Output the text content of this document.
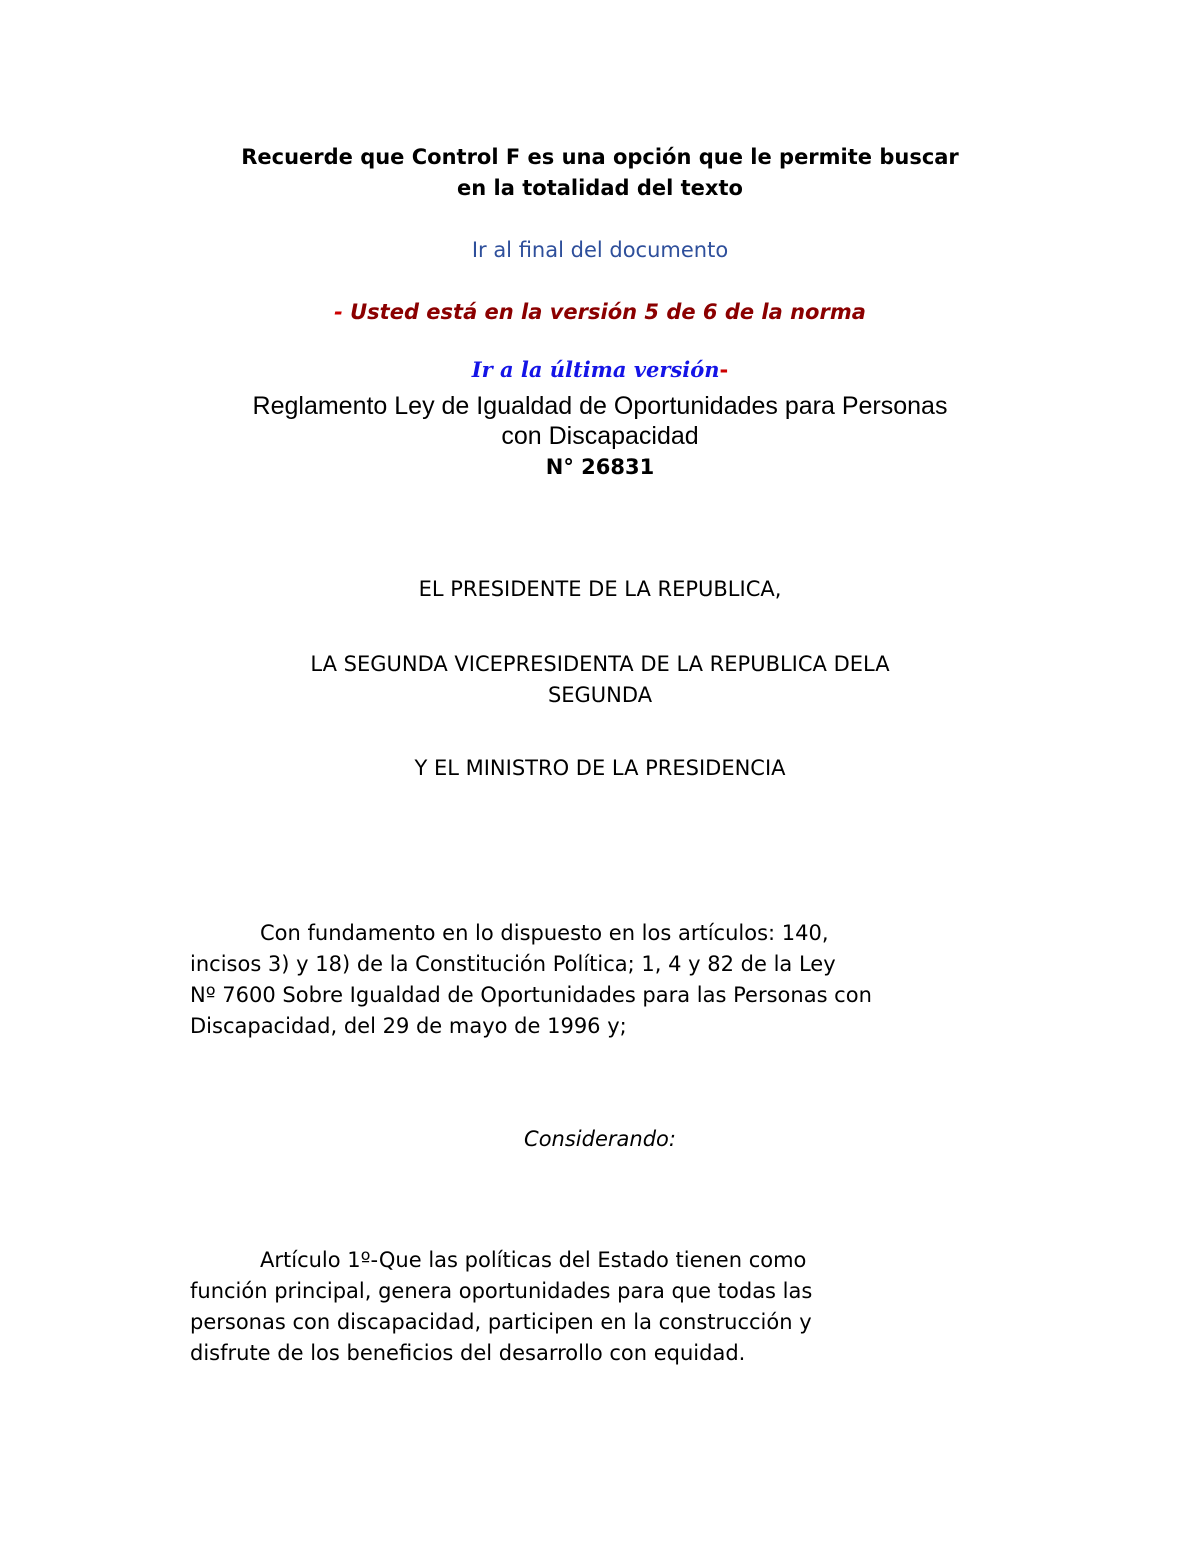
Recuerde que Control F es una opción que le permite buscar
en la totalidad del texto
Ir al final del documento
- Usted está en la versión 5 de 6 de la norma
Ir a la última versión-
Reglamento Ley de Igualdad de Oportunidades para Personas
con Discapacidad
N° 26831
EL PRESIDENTE DE LA REPUBLICA,
LA SEGUNDA VICEPRESIDENTA DE LA REPUBLICA DELA
SEGUNDA
Y EL MINISTRO DE LA PRESIDENCIA
Con fundamento en lo dispuesto en los artículos: 140,
incisos 3) y 18) de la Constitución Política; 1, 4 y 82 de la Ley
Nº 7600 Sobre Igualdad de Oportunidades para las Personas con
Discapacidad, del 29 de mayo de 1996 y;
Considerando:
Artículo 1º-Que las políticas del Estado tienen como
función principal, genera oportunidades para que todas las
personas con discapacidad, participen en la construcción y
disfrute de los beneficios del desarrollo con equidad.
